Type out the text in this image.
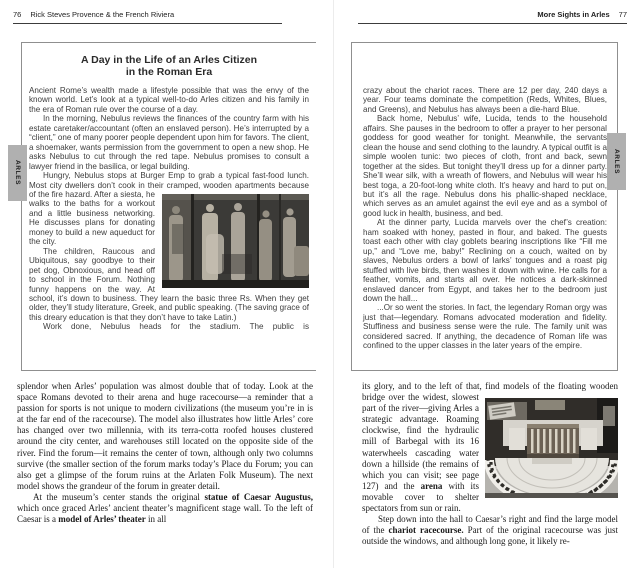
76 Rick Steves Provence & the French Riviera	More Sights in Arles 77
ARLES	ARLES
A Day in the Life of an Arles Citizen
in the Roman Era

Ancient Rome’s wealth made a lifestyle possible that was the envy of the known world. Let’s look at a typical well-to-do Arles citizen and his family in the era of Roman rule over the course of a day.

In the morning, Nebulus reviews the finances of the country farm with his estate caretaker/accountant (often an enslaved person). He’s interrupted by a “client,” one of many poorer people dependent upon him for favors. The client, a shoemaker, wants permission from the government to open a new shop. He asks Nebulus to cut through the red tape. Nebulus promises to consult a lawyer friend in the basilica, or legal building.

Hungry, Nebulus stops at Burger Emp to grab a typical fast-food lunch. Most city dwellers don’t cook in their cramped, wooden apartments because of the fire hazard. After a siesta, he walks to the baths for a workout and a little business networking. He discusses plans for donating money to build a new aqueduct for the city.

The children, Raucous and Ubiquitous, say goodbye to their pet dog, Obnoxious, and head off to school in the Forum. Nothing funny happens on the way. At school, it’s down to business. They learn the basic three Rs. When they get older, they’ll study literature, Greek, and public speaking. (The saving grace of this dreary education is that they don’t have to take Latin.)

Work done, Nebulus heads for the stadium. The public is

crazy about the chariot races. There are 12 per day, 240 days a year. Four teams dominate the competition (Reds, Whites, Blues, and Greens), and Nebulus has always been a die-hard Blue.

Back home, Nebulus’ wife, Lucida, tends to the household affairs. She pauses in the bedroom to offer a prayer to her personal goddess for good weather for tonight. Meanwhile, the servants clean the house and send clothing to the laundry. A typical outfit is a simple woolen tunic: two pieces of cloth, front and back, sewn together at the sides. But tonight they’ll dress up for a dinner party. She’ll wear silk, with a wreath of flowers, and Nebulus will wear his best toga, a 20-foot-long white cloth. It’s heavy and hard to put on, but it’s all the rage. Nebulus dons his phallic-shaped necklace, which serves as an amulet against the evil eye and as a symbol of good luck in health, business, and bed.

At the dinner party, Lucida marvels over the chef’s creation: ham soaked with honey, pasted in flour, and baked. The guests toast each other with clay goblets bearing inscriptions like “Fill me up,” and “Love me, baby!” Reclining on a couch, waited on by slaves, Nebulus orders a bowl of larks’ tongues and a roast pig stuffed with live birds, then washes it down with wine. He calls for a feather, vomits, and starts all over. He notices a dark-skinned enslaved dancer from Egypt, and takes her to the bedroom just down the hall...

...Or so went the stories. In fact, the legendary Roman orgy was just that—legendary. Romans advocated moderation and fidelity. Stuffiness and business sense were the rule. The family unit was considered sacred. If anything, the decadence of Roman life was confined to the upper classes in the later years of the empire.

splendor when Arles’ population was almost double that of today. Look at the space Romans devoted to their arena and huge racecourse—a reminder that a passion for sports is not unique to modern civilizations (the museum you’re in is at the far end of the racecourse). The model also illustrates how little Arles’ core has changed over two millennia, with its terra-cotta roofed houses clustered around the city center, and warehouses still located on the opposite side of the river. Find the forum—it remains the center of town, although only two columns survive (the smaller section of the forum marks today’s Place du Forum; you can also get a glimpse of the forum ruins at the Arlaten Folk Museum). The next model shows the grandeur of the forum in greater detail.

At the museum’s center stands the original statue of Caesar Augustus, which once graced Arles’ ancient theater’s magnificent stage wall. To the left of Caesar is a model of Arles’ theater in all

its glory, and to the left of that, find models of the floating wooden
bridge over the widest, slowest part of the river—giving Arles a strategic advantage. Roaming clockwise, find the hydraulic mill of Barbegal with its 16 waterwheels cascading water down a hillside (the remains of which you can visit; see page 127) and the arena with its movable cover to shelter spectators from sun or rain.

Step down into the hall to Caesar’s right and find the large model of the chariot racecourse. Part of the original racecourse was just outside the windows, and although long gone, it likely re-
